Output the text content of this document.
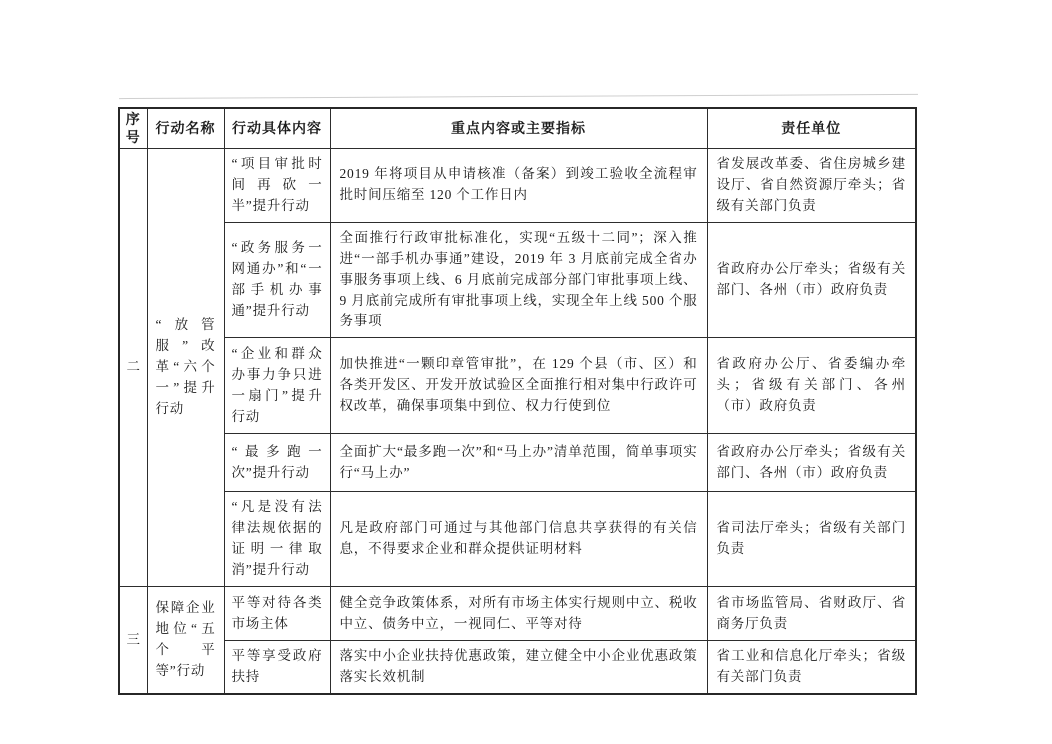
序号	行动名称	行动具体内容	重点内容或主要指标	责任单位
二	“放管服”改革“六个一”提升行动	“项目审批时间再砍一半”提升行动	2019 年将项目从申请核准（备案）到竣工验收全流程审批时间压缩至 120 个工作日内	省发展改革委、省住房城乡建设厅、省自然资源厅牵头；省级有关部门负责
		“政务服务一网通办”和“一部手机办事通”提升行动	全面推行行政审批标准化，实现“五级十二同”；深入推进“一部手机办事通”建设，2019 年 3 月底前完成全省办事服务事项上线、6 月底前完成部分部门审批事项上线、9 月底前完成所有审批事项上线，实现全年上线 500 个服务事项	省政府办公厅牵头；省级有关部门、各州（市）政府负责
		“企业和群众办事力争只进一扇门”提升行动	加快推进“一颗印章管审批”，在 129 个县（市、区）和各类开发区、开发开放试验区全面推行相对集中行政许可权改革，确保事项集中到位、权力行使到位	省政府办公厅、省委编办牵头；省级有关部门、各州（市）政府负责
		“最多跑一次”提升行动	全面扩大“最多跑一次”和“马上办”清单范围，简单事项实行“马上办”	省政府办公厅牵头；省级有关部门、各州（市）政府负责
		“凡是没有法律法规依据的证明一律取消”提升行动	凡是政府部门可通过与其他部门信息共享获得的有关信息，不得要求企业和群众提供证明材料	省司法厅牵头；省级有关部门负责
三	保障企业地位“五个平等”行动	平等对待各类市场主体	健全竞争政策体系，对所有市场主体实行规则中立、税收中立、债务中立，一视同仁、平等对待	省市场监管局、省财政厅、省商务厅负责
		平等享受政府扶持	落实中小企业扶持优惠政策，建立健全中小企业优惠政策落实长效机制	省工业和信息化厅牵头；省级有关部门负责
